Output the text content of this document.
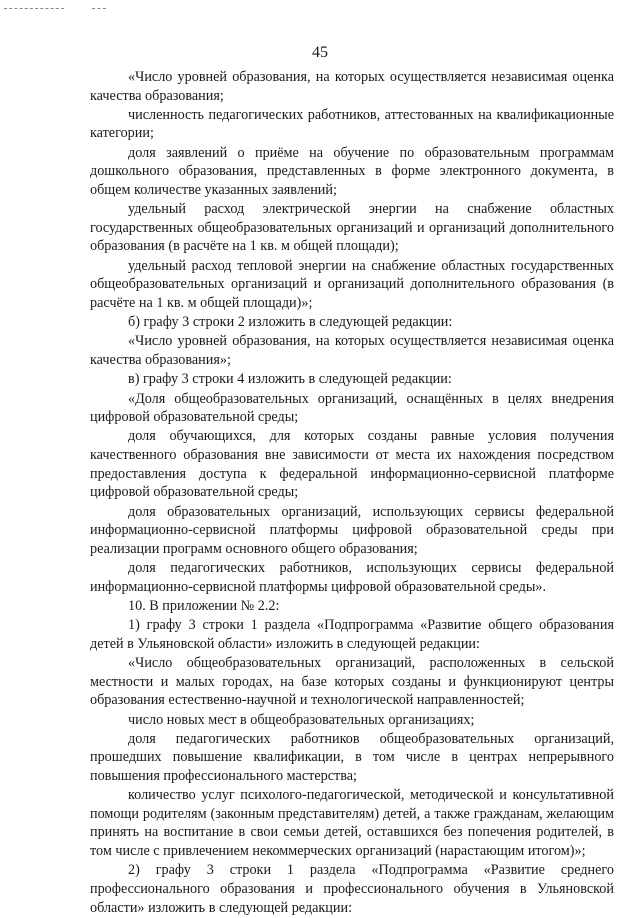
45

«Число уровней образования, на которых осуществляется независимая оценка качества образования;

численность педагогических работников, аттестованных на квалификационные категории;

доля заявлений о приёме на обучение по образовательным программам дошкольного образования, представленных в форме электронного документа, в общем количестве указанных заявлений;

удельный расход электрической энергии на снабжение областных государственных общеобразовательных организаций и организаций дополнительного образования (в расчёте на 1 кв. м общей площади);

удельный расход тепловой энергии на снабжение областных государственных общеобразовательных организаций и организаций дополнительного образования (в расчёте на 1 кв. м общей площади)»;

б) графу 3 строки 2 изложить в следующей редакции:

«Число уровней образования, на которых осуществляется независимая оценка качества образования»;

в) графу 3 строки 4 изложить в следующей редакции:

«Доля общеобразовательных организаций, оснащённых в целях внедрения цифровой образовательной среды;

доля обучающихся, для которых созданы равные условия получения качественного образования вне зависимости от места их нахождения посредством предоставления доступа к федеральной информационно-сервисной платформе цифровой образовательной среды;

доля образовательных организаций, использующих сервисы федеральной информационно-сервисной платформы цифровой образовательной среды при реализации программ основного общего образования;

доля педагогических работников, использующих сервисы федеральной информационно-сервисной платформы цифровой образовательной среды».

10. В приложении № 2.2:

1) графу 3 строки 1 раздела «Подпрограмма «Развитие общего образования детей в Ульяновской области» изложить в следующей редакции:

«Число общеобразовательных организаций, расположенных в сельской местности и малых городах, на базе которых созданы и функционируют центры образования естественно-научной и технологической направленностей;

число новых мест в общеобразовательных организациях;

доля педагогических работников общеобразовательных организаций, прошедших повышение квалификации, в том числе в центрах непрерывного повышения профессионального мастерства;

количество услуг психолого-педагогической, методической и консультативной помощи родителям (законным представителям) детей, а также гражданам, желающим принять на воспитание в свои семьи детей, оставшихся без попечения родителей, в том числе с привлечением некоммерческих организаций (нарастающим итогом)»;

2) графу 3 строки 1 раздела «Подпрограмма «Развитие среднего профессионального образования и профессионального обучения в Ульяновской области» изложить в следующей редакции:
